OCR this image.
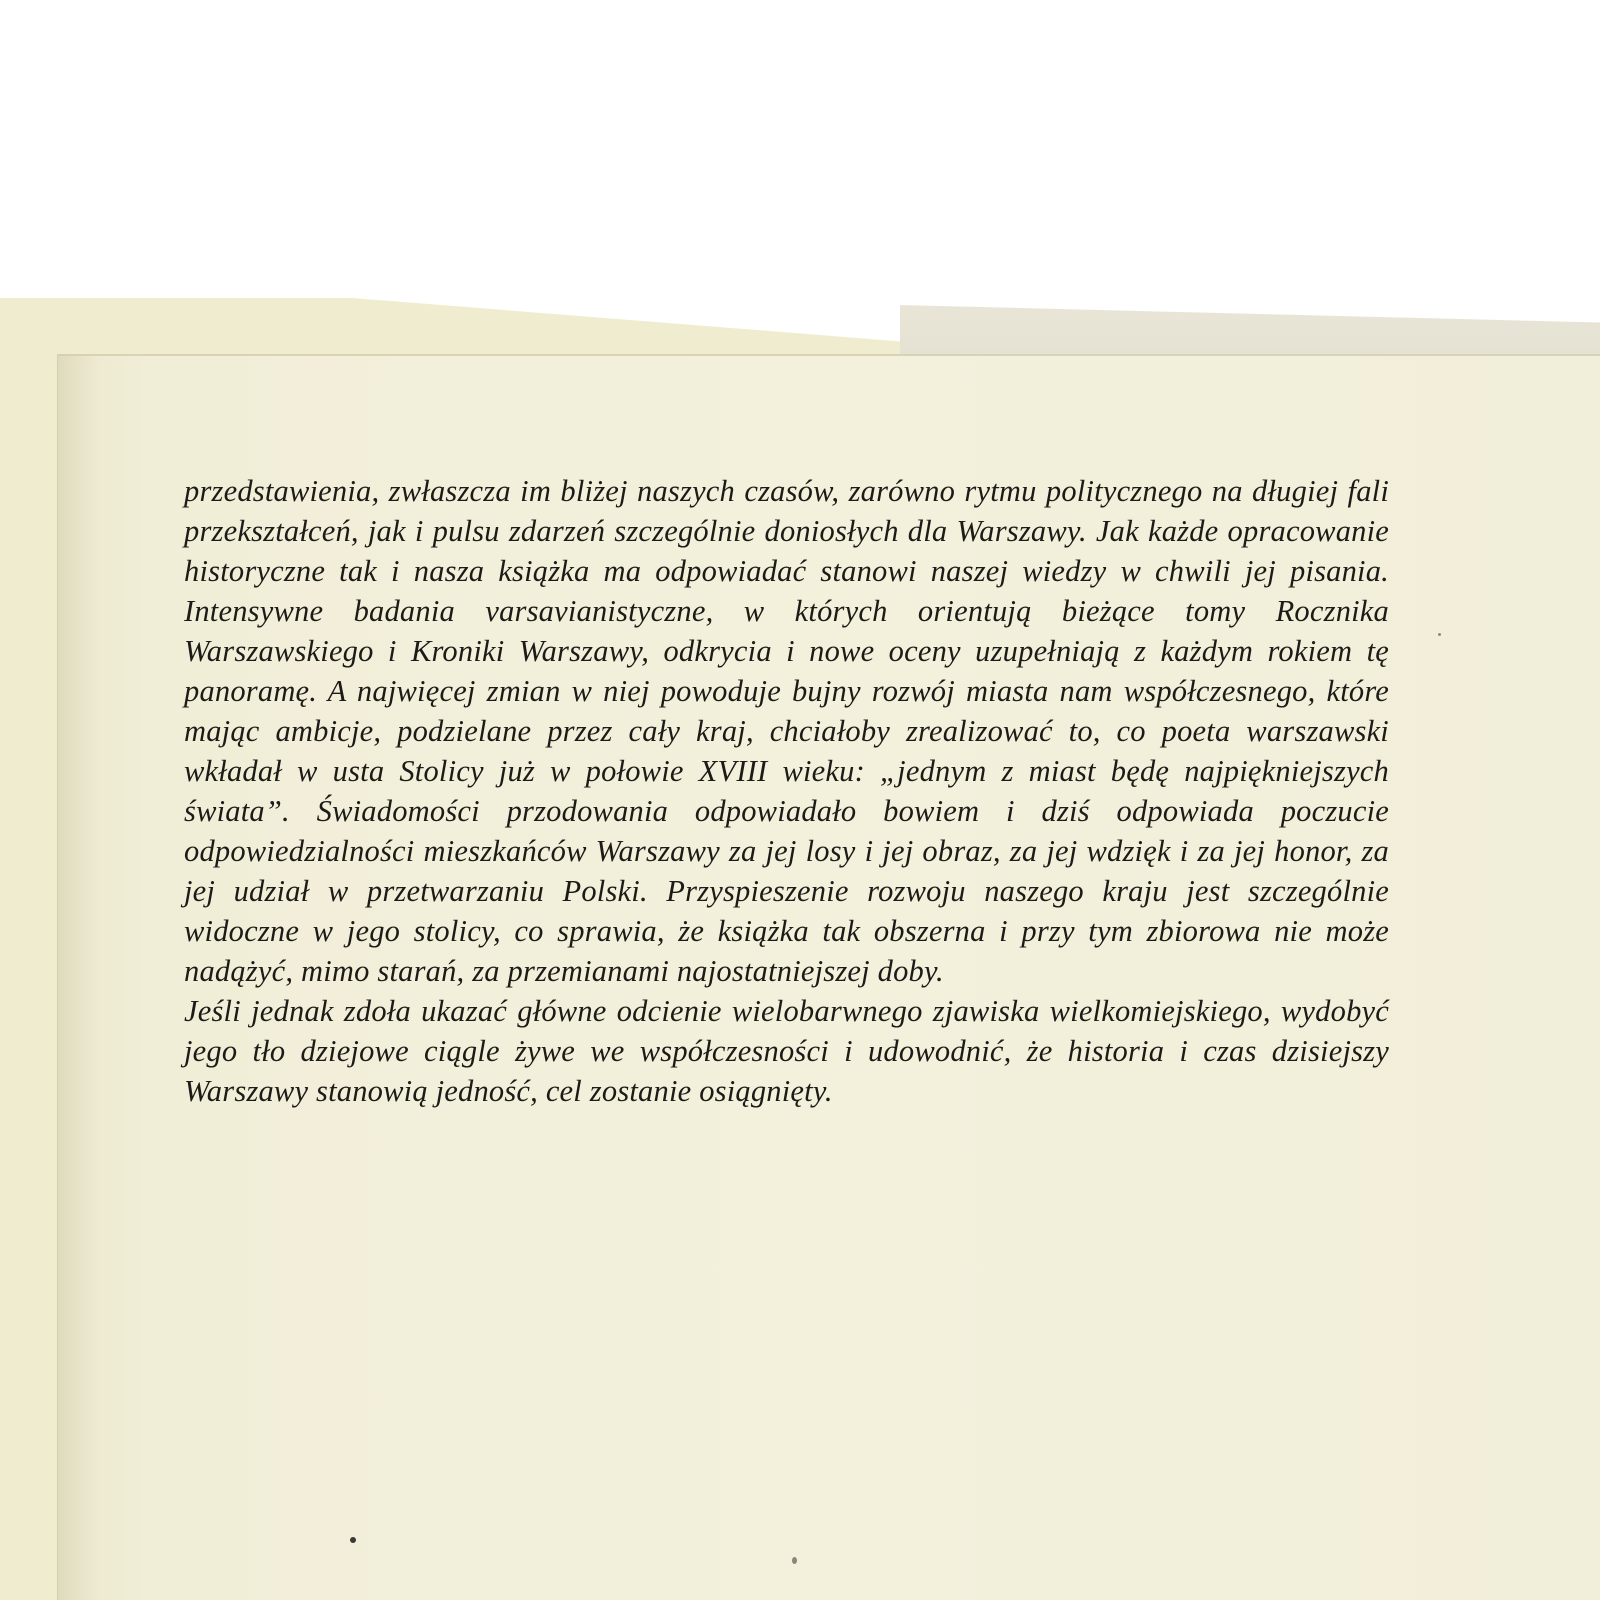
przedstawienia, zwłaszcza im bliżej naszych czasów, zarówno rytmu politycznego na długiej fali przekształceń, jak i pulsu zdarzeń szczególnie doniosłych dla Warszawy. Jak każde opracowanie historyczne tak i nasza książka ma odpowiadać stanowi naszej wiedzy w chwili jej pisania. Intensywne badania varsavianistyczne, w których orientują bieżące tomy Rocznika Warszawskiego i Kroniki Warszawy, odkrycia i nowe oceny uzupełniają z każdym rokiem tę panoramę. A najwięcej zmian w niej powoduje bujny rozwój miasta nam współczesnego, które mając ambicje, podzielane przez cały kraj, chciałoby zrealizować to, co poeta warszawski wkładał w usta Stolicy już w połowie XVIII wieku: „jednym z miast będę najpiękniejszych świata”. Świadomości przodowania odpowiadało bowiem i dziś odpowiada poczucie odpowiedzialności mieszkańców Warszawy za jej losy i jej obraz, za jej wdzięk i za jej honor, za jej udział w przetwarzaniu Polski. Przyspieszenie rozwoju naszego kraju jest szczególnie widoczne w jego stolicy, co sprawia, że książka tak obszerna i przy tym zbiorowa nie może nadążyć, mimo starań, za przemianami najostatniejszej doby.

Jeśli jednak zdoła ukazać główne odcienie wielobarwnego zjawiska wielkomiejskiego, wydobyć jego tło dziejowe ciągle żywe we współczesności i udowodnić, że historia i czas dzisiejszy Warszawy stanowią jedność, cel zostanie osiągnięty.
